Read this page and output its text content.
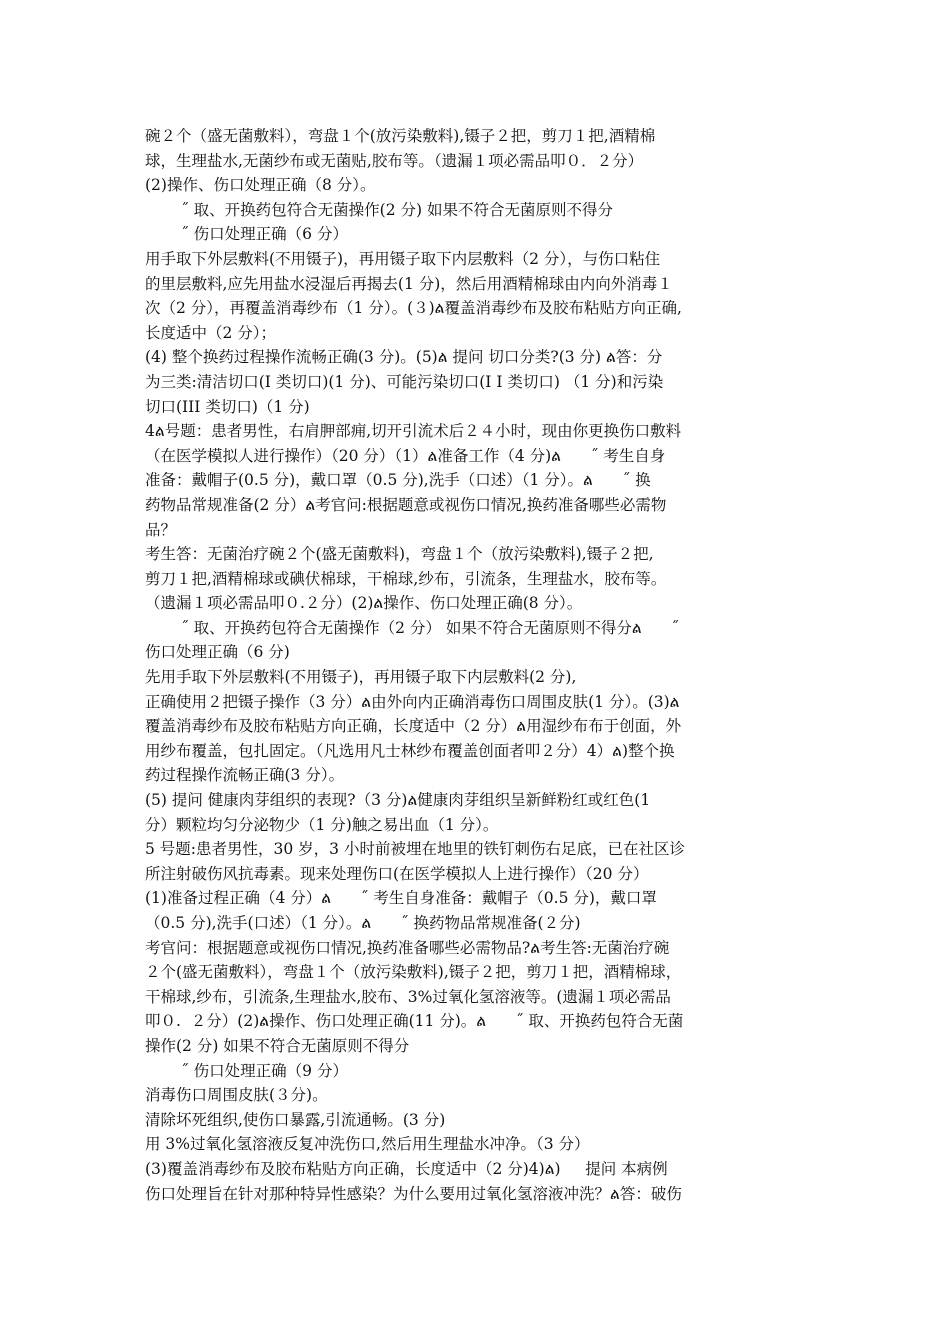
碗２个（盛无菌敷料），弯盘１个(放污染敷料),镊子２把，剪刀１把,酒精棉
球，生理盐水,无菌纱布或无菌贴,胶布等。（遗漏１项必需品叩０．２分）
(2)操作、伤口处理正确（8 分）。
˝ 取、开换药包符合无菌操作(2 分) 如果不符合无菌原则不得分
˝ 伤口处理正确（6 分）
用手取下外层敷料(不用镊子)，再用镊子取下内层敷料（2 分），与伤口粘住
的里层敷料,应先用盐水浸湿后再揭去(1 分)，然后用酒精棉球由内向外消毒１
次（2 分），再覆盖消毒纱布（1 分）。(３)ል覆盖消毒纱布及胶布粘贴方向正确,
长度适中（2 分）；
(4) 整个换药过程操作流畅正确(3 分)。(5)ል 提问 切口分类?(3 分) ል答：分
为三类:清洁切口(I 类切口)(1 分)、可能污染切口(I I 类切口) （1 分)和污染
切口(III 类切口)（1 分)
4ል号题：患者男性，右肩胛部痈,切开引流术后２４小时，现由你更换伤口敷料
（在医学模拟人进行操作）（20 分）（1）ል准备工作（4 分)ል      ˝ 考生自身
准备：戴帽子(0.5 分)，戴口罩（0.5 分),洗手（口述）（1 分）。ል      ˝ 换
药物品常规准备(2 分）ል考官问:根据题意或视伤口情况,换药准备哪些必需物
品？
考生答：无菌治疗碗２个(盛无菌敷料)，弯盘１个（放污染敷料),镊子２把,
剪刀１把,酒精棉球或碘伏棉球，干棉球,纱布，引流条，生理盐水，胶布等。
（遗漏１项必需品叩０.２分）(2)ል操作、伤口处理正确(8 分）。
˝ 取、开换药包符合无菌操作（2 分） 如果不符合无菌原则不得分ል      ˝
伤口处理正确（6 分)
先用手取下外层敷料(不用镊子)，再用镊子取下内层敷料(2 分),
正确使用２把镊子操作（3 分）ል由外向内正确消毒伤口周围皮肤(1 分）。(3)ል
覆盖消毒纱布及胶布粘贴方向正确，长度适中（2 分）ል用湿纱布布于创面，外
用纱布覆盖，包扎固定。（凡选用凡士林纱布覆盖创面者叩２分）4）ል)整个换
药过程操作流畅正确(3 分）。
(5) 提问 健康肉芽组织的表现?（3 分)ል健康肉芽组织呈新鲜粉红或红色(1
分）颗粒均匀分泌物少（1 分)触之易出血（1 分）。
5 号题:患者男性，30 岁，3 小时前被埋在地里的铁钉刺伤右足底，已在社区诊
所注射破伤风抗毒素。现来处理伤口(在医学模拟人上进行操作）（20 分）
(1)准备过程正确（4 分）ል      ˝ 考生自身准备：戴帽子（0.5 分)，戴口罩
（0.5 分),洗手(口述）（1 分）。ል      ˝ 换药物品常规准备(２分)
考官问：根据题意或视伤口情况,换药准备哪些必需物品?ል考生答:无菌治疗碗
２个(盛无菌敷料），弯盘１个（放污染敷料),镊子２把，剪刀１把，酒精棉球，
干棉球,纱布，引流条,生理盐水,胶布、3%过氧化氢溶液等。(遗漏１项必需品
叩０.  ２分）(2)ል操作、伤口处理正确(11 分)。ል      ˝ 取、开换药包符合无菌
操作(2 分) 如果不符合无菌原则不得分
˝ 伤口处理正确（9 分）
消毒伤口周围皮肤(３分)。
清除坏死组织,使伤口暴露,引流通畅。(3 分)
用 3%过氧化氢溶液反复冲洗伤口,然后用生理盐水冲净。（3 分）
(3)覆盖消毒纱布及胶布粘贴方向正确，长度适中（2 分)4)ል)     提问 本病例
伤口处理旨在针对那种特异性感染？为什么要用过氧化氢溶液冲洗？ል答：破伤
